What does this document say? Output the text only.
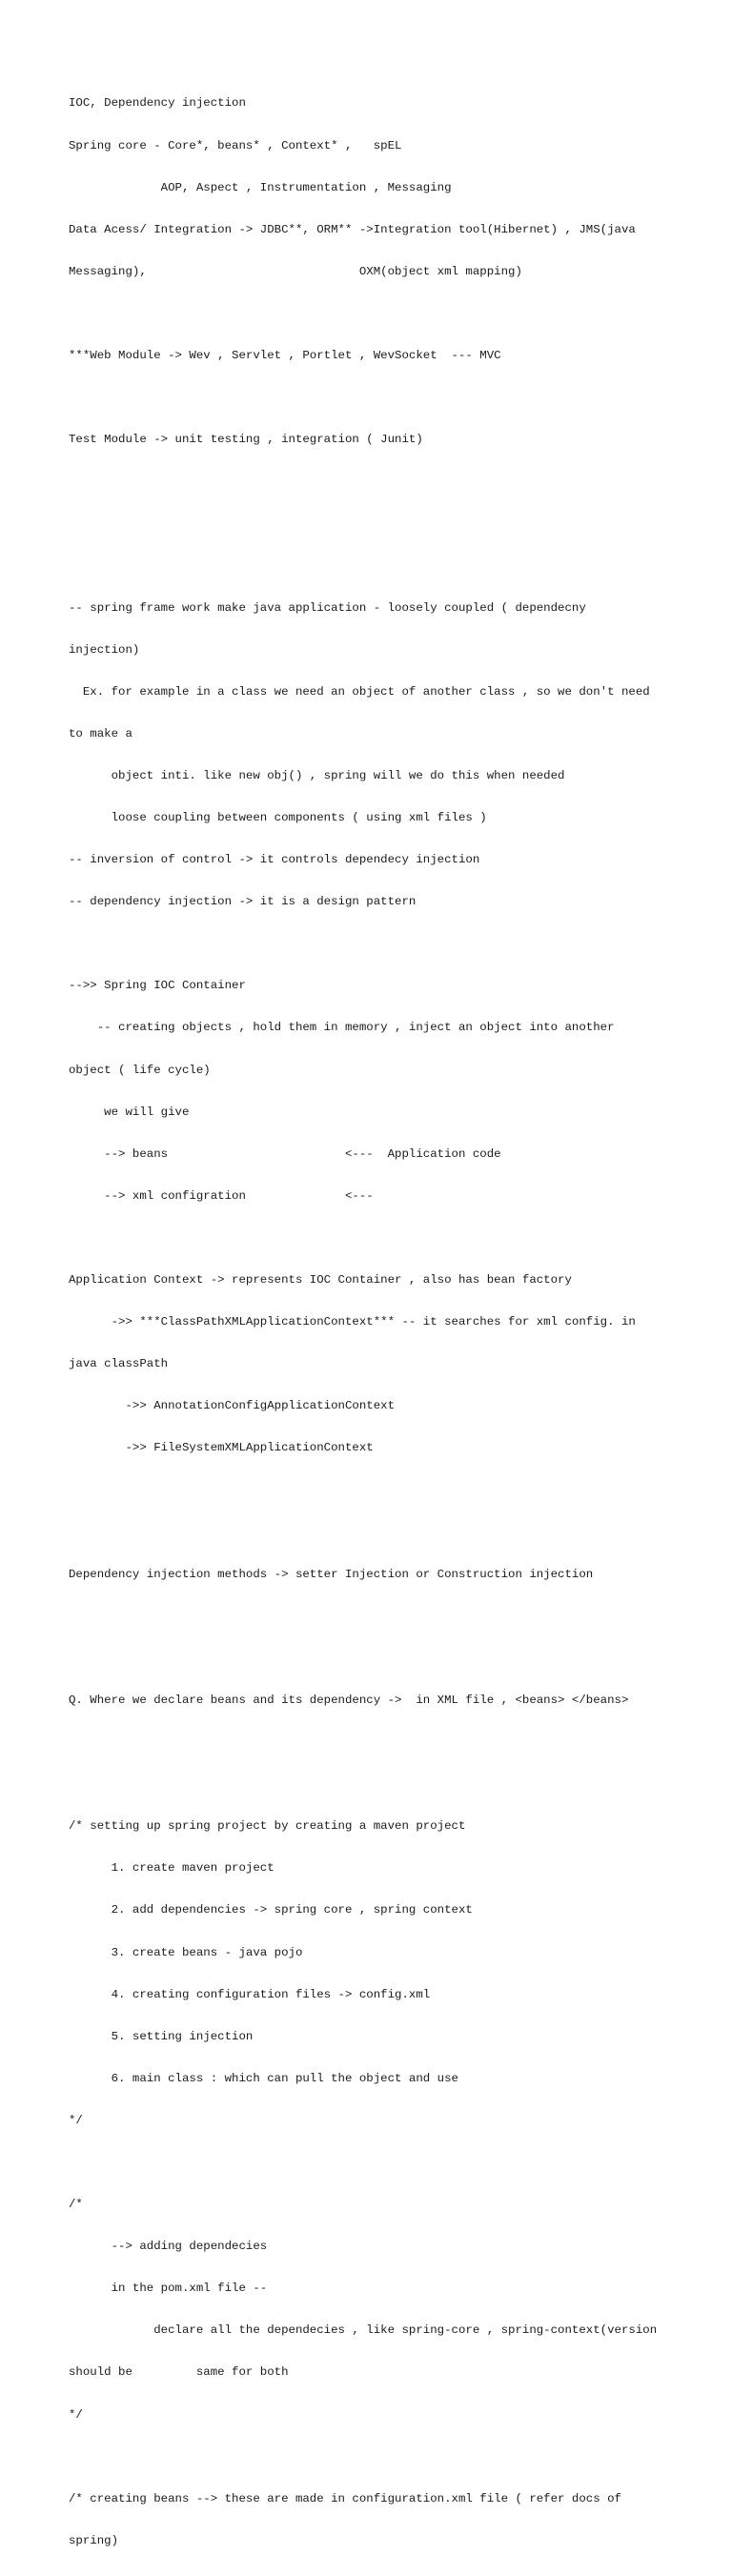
IOC, Dependency injection

Spring core - Core*, beans* , Context* ,   spEL

AOP, Aspect , Instrumentation , Messaging

Data Acess/ Integration -> JDBC**, ORM** ->Integration tool(Hibernet) , JMS(java

Messaging),                              OXM(object xml mapping)

***Web Module -> Wev , Servlet , Portlet , WevSocket  --- MVC

Test Module -> unit testing , integration ( Junit)

-- spring frame work make java application - loosely coupled ( dependecny

injection)

Ex. for example in a class we need an object of another class , so we don't need

to make a

object inti. like new obj() , spring will we do this when needed

loose coupling between components ( using xml files )

-- inversion of control -> it controls dependecy injection

-- dependency injection -> it is a design pattern

-->> Spring IOC Container

-- creating objects , hold them in memory , inject an object into another

object ( life cycle)

we will give

--> beans                         <---  Application code

--> xml configration              <---

Application Context -> represents IOC Container , also has bean factory

->> ***ClassPathXMLApplicationContext*** -- it searches for xml config. in

java classPath

->> AnnotationConfigApplicationContext

->> FileSystemXMLApplicationContext

Dependency injection methods -> setter Injection or Construction injection

Q. Where we declare beans and its dependency ->  in XML file , <beans> </beans>

/* setting up spring project by creating a maven project

1. create maven project

2. add dependencies -> spring core , spring context

3. create beans - java pojo

4. creating configuration files -> config.xml

5. setting injection

6. main class : which can pull the object and use

*/

/*

--> adding dependecies

in the pom.xml file --

declare all the dependecies , like spring-core , spring-context(version

should be         same for both

*/

/* creating beans --> these are made in configuration.xml file ( refer docs of

spring)
